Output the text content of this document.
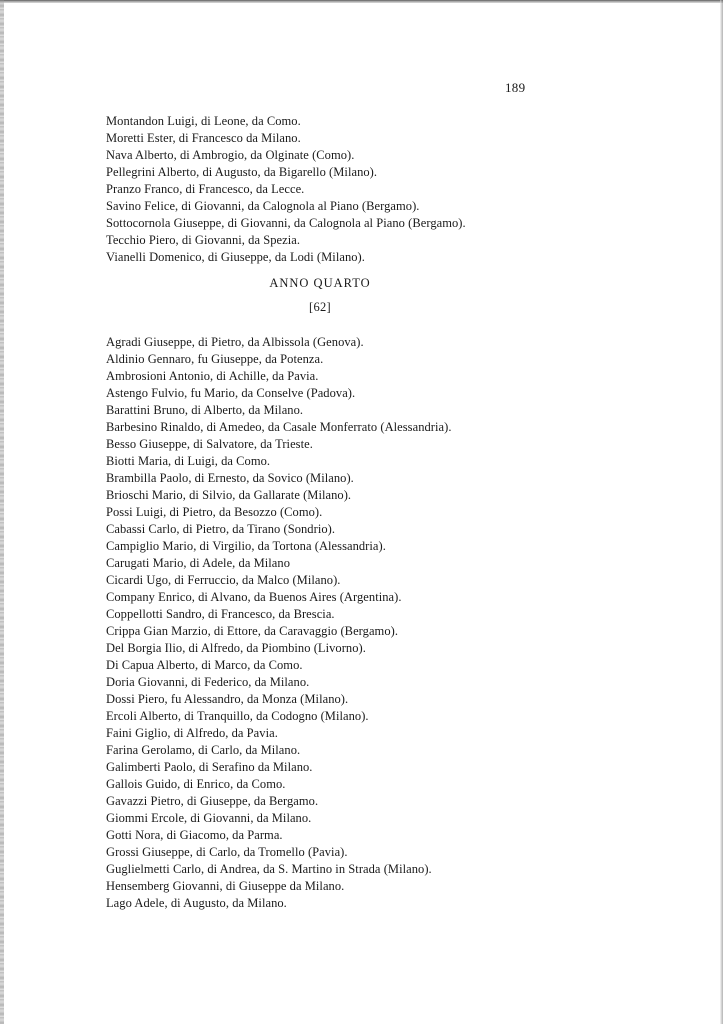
189
Montandon Luigi, di Leone, da Como.
Moretti Ester, di Francesco da Milano.
Nava Alberto, di Ambrogio, da Olginate (Como).
Pellegrini Alberto, di Augusto, da Bigarello (Milano).
Pranzo Franco, di Francesco, da Lecce.
Savino Felice, di Giovanni, da Calognola al Piano (Bergamo).
Sottocornola Giuseppe, di Giovanni, da Calognola al Piano (Bergamo).
Tecchio Piero, di Giovanni, da Spezia.
Vianelli Domenico, di Giuseppe, da Lodi (Milano).
ANNO QUARTO
[62]
Agradi Giuseppe, di Pietro, da Albissola (Genova).
Aldinio Gennaro, fu Giuseppe, da Potenza.
Ambrosioni Antonio, di Achille, da Pavia.
Astengo Fulvio, fu Mario, da Conselve (Padova).
Barattini Bruno, di Alberto, da Milano.
Barbesino Rinaldo, di Amedeo, da Casale Monferrato (Alessandria).
Besso Giuseppe, di Salvatore, da Trieste.
Biotti Maria, di Luigi, da Como.
Brambilla Paolo, di Ernesto, da Sovico (Milano).
Brioschi Mario, di Silvio, da Gallarate (Milano).
Possi Luigi, di Pietro, da Besozzo (Como).
Cabassi Carlo, di Pietro, da Tirano (Sondrio).
Campiglio Mario, di Virgilio, da Tortona (Alessandria).
Carugati Mario, di Adele, da Milano
Cicardi Ugo, di Ferruccio, da Malco (Milano).
Company Enrico, di Alvano, da Buenos Aires (Argentina).
Coppellotti Sandro, di Francesco, da Brescia.
Crippa Gian Marzio, di Ettore, da Caravaggio (Bergamo).
Del Borgia Ilio, di Alfredo, da Piombino (Livorno).
Di Capua Alberto, di Marco, da Como.
Doria Giovanni, di Federico, da Milano.
Dossi Piero, fu Alessandro, da Monza (Milano).
Ercoli Alberto, di Tranquillo, da Codogno (Milano).
Faini Giglio, di Alfredo, da Pavia.
Farina Gerolamo, di Carlo, da Milano.
Galimberti Paolo, di Serafino da Milano.
Gallois Guido, di Enrico, da Como.
Gavazzi Pietro, di Giuseppe, da Bergamo.
Giommi Ercole, di Giovanni, da Milano.
Gotti Nora, di Giacomo, da Parma.
Grossi Giuseppe, di Carlo, da Tromello (Pavia).
Guglielmetti Carlo, di Andrea, da S. Martino in Strada (Milano).
Hensemberg Giovanni, di Giuseppe da Milano.
Lago Adele, di Augusto, da Milano.
